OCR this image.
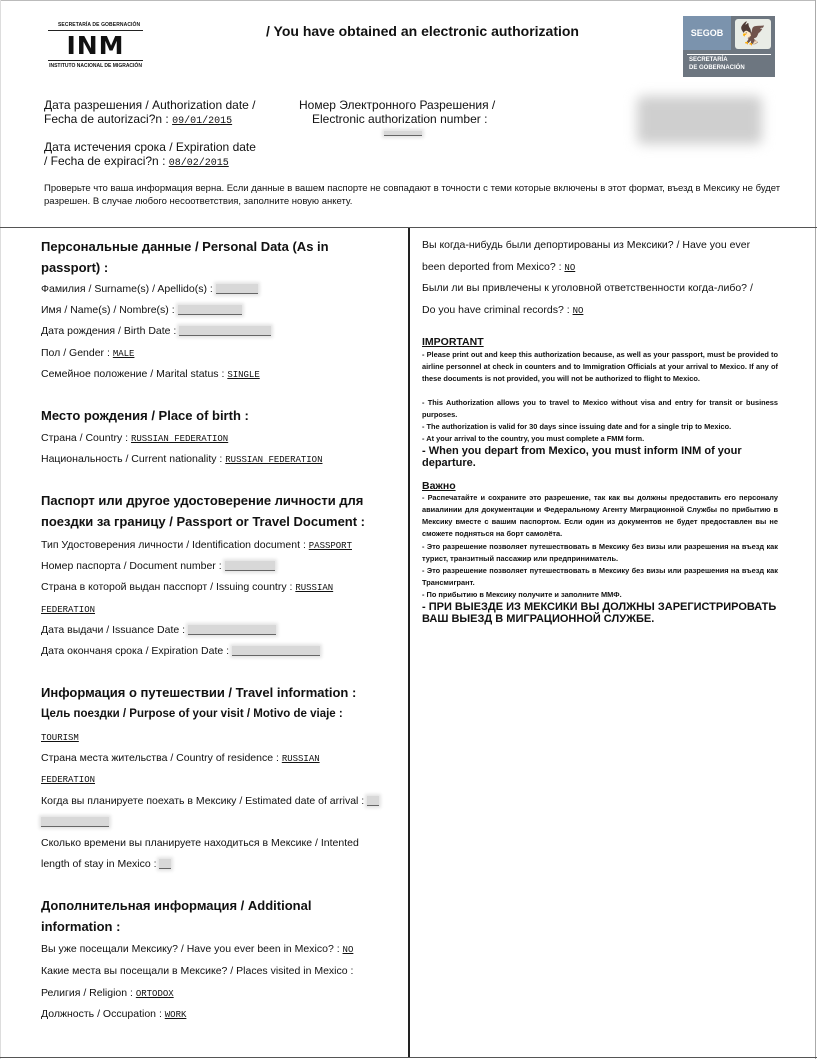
SECRETARÍA DE GOBERNACIÓN
INM
INSTITUTO NACIONAL DE MIGRACIÓN
/ You have obtained an electronic authorization	SEGOB 🦅
SECRETARÍA
DE GOBERNACIÓN
Дата разрешения / Authorization date /
Fecha de autorizaci?n : 09/01/2015
Номер Электронного Разрешения /
Electronic authorization number :
Дата истечения срока / Expiration date
/ Fecha de expiraci?n : 08/02/2015
Проверьте что ваша информация верна. Если данные в вашем паспорте не совпадают в точности с теми которые включены в этот формат, въезд в Мексику не будет разрешен. В случае любого несоответствия, заполните новую анкету.
Персональные данные / Personal Data (As in
passport) :
Фамилия / Surname(s) / Apellido(s) :
Имя / Name(s) / Nombre(s) :
Дата рождения / Birth Date :
Пол / Gender : MALE
Семейное положение / Marital status : SINGLE
Место рождения / Place of birth :
Страна / Country : RUSSIAN FEDERATION
Национальность / Current nationality : RUSSIAN FEDERATION
Паспорт или другое удостоверение личности для
поездки за границу / Passport or Travel Document :
Тип Удостоверения личности / Identification document : PASSPORT
Номер паспорта / Document number :
Страна в которой выдан пасспорт / Issuing country : RUSSIAN
FEDERATION
Дата выдачи / Issuance Date :
Дата окончаня срока / Expiration Date :
Информация о путешествии / Travel information :
Цель поездки / Purpose of your visit / Motivo de viaje :
TOURISM
Страна места жительства / Country of residence : RUSSIAN
FEDERATION
Когда вы планируете поехать в Мексику / Estimated date of arrival :
Сколько времени вы планируете находиться в Мексике / Intented
length of stay in Mexico :
Дополнительная информация / Additional
information :
Вы уже посещали Мексику? / Have you ever been in Mexico? : NO
Какие места вы посещали в Мексике? / Places visited in Mexico :
Религия / Religion : ORTODOX
Должность / Occupation : WORK
Вы когда-нибудь были депортированы из Мексики? / Have you ever
been deported from Mexico? : NO
Были ли вы привлечены к уголовной ответственности когда-либо? /
Do you have criminal records? : NO
IMPORTANT
- Please print out and keep this authorization because, as well as your passport, must be provided to airline personnel at check in counters and to Immigration Officials at your arrival to Mexico. If any of these documents is not provided, you will not be authorized to flight to Mexico.
- This Authorization allows you to travel to Mexico without visa and entry for transit or business purposes.
- The authorization is valid for 30 days since issuing date and for a single trip to Mexico.
- At your arrival to the country, you must complete a FMM form.
- When you depart from Mexico, you must inform INM of your departure.
Важно
- Распечатайте и сохраните это разрешение, так как вы должны предоставить его персоналу авиалинии для документации и Федеральному Агенту Миграционной Службы по прибытию в Мексику вместе с вашим паспортом. Если один из документов не будет предоставлен вы не сможете подняться на борт самолёта.
- Это разрешение позволяет путешествовать в Мексику без визы или разрешения на въезд как турист, транзитный пассажир или предприниматель.
- Это разрешение позволяет путешествовать в Мексику без визы или разрешения на въезд как Трансмигрант.
- По прибытию в Мексику получите и заполните ММФ.
- ПРИ ВЫЕЗДЕ ИЗ МЕКСИКИ ВЫ ДОЛЖНЫ ЗАРЕГИСТРИРОВАТЬ ВАШ ВЫЕЗД В МИГРАЦИОННОЙ СЛУЖБЕ.
